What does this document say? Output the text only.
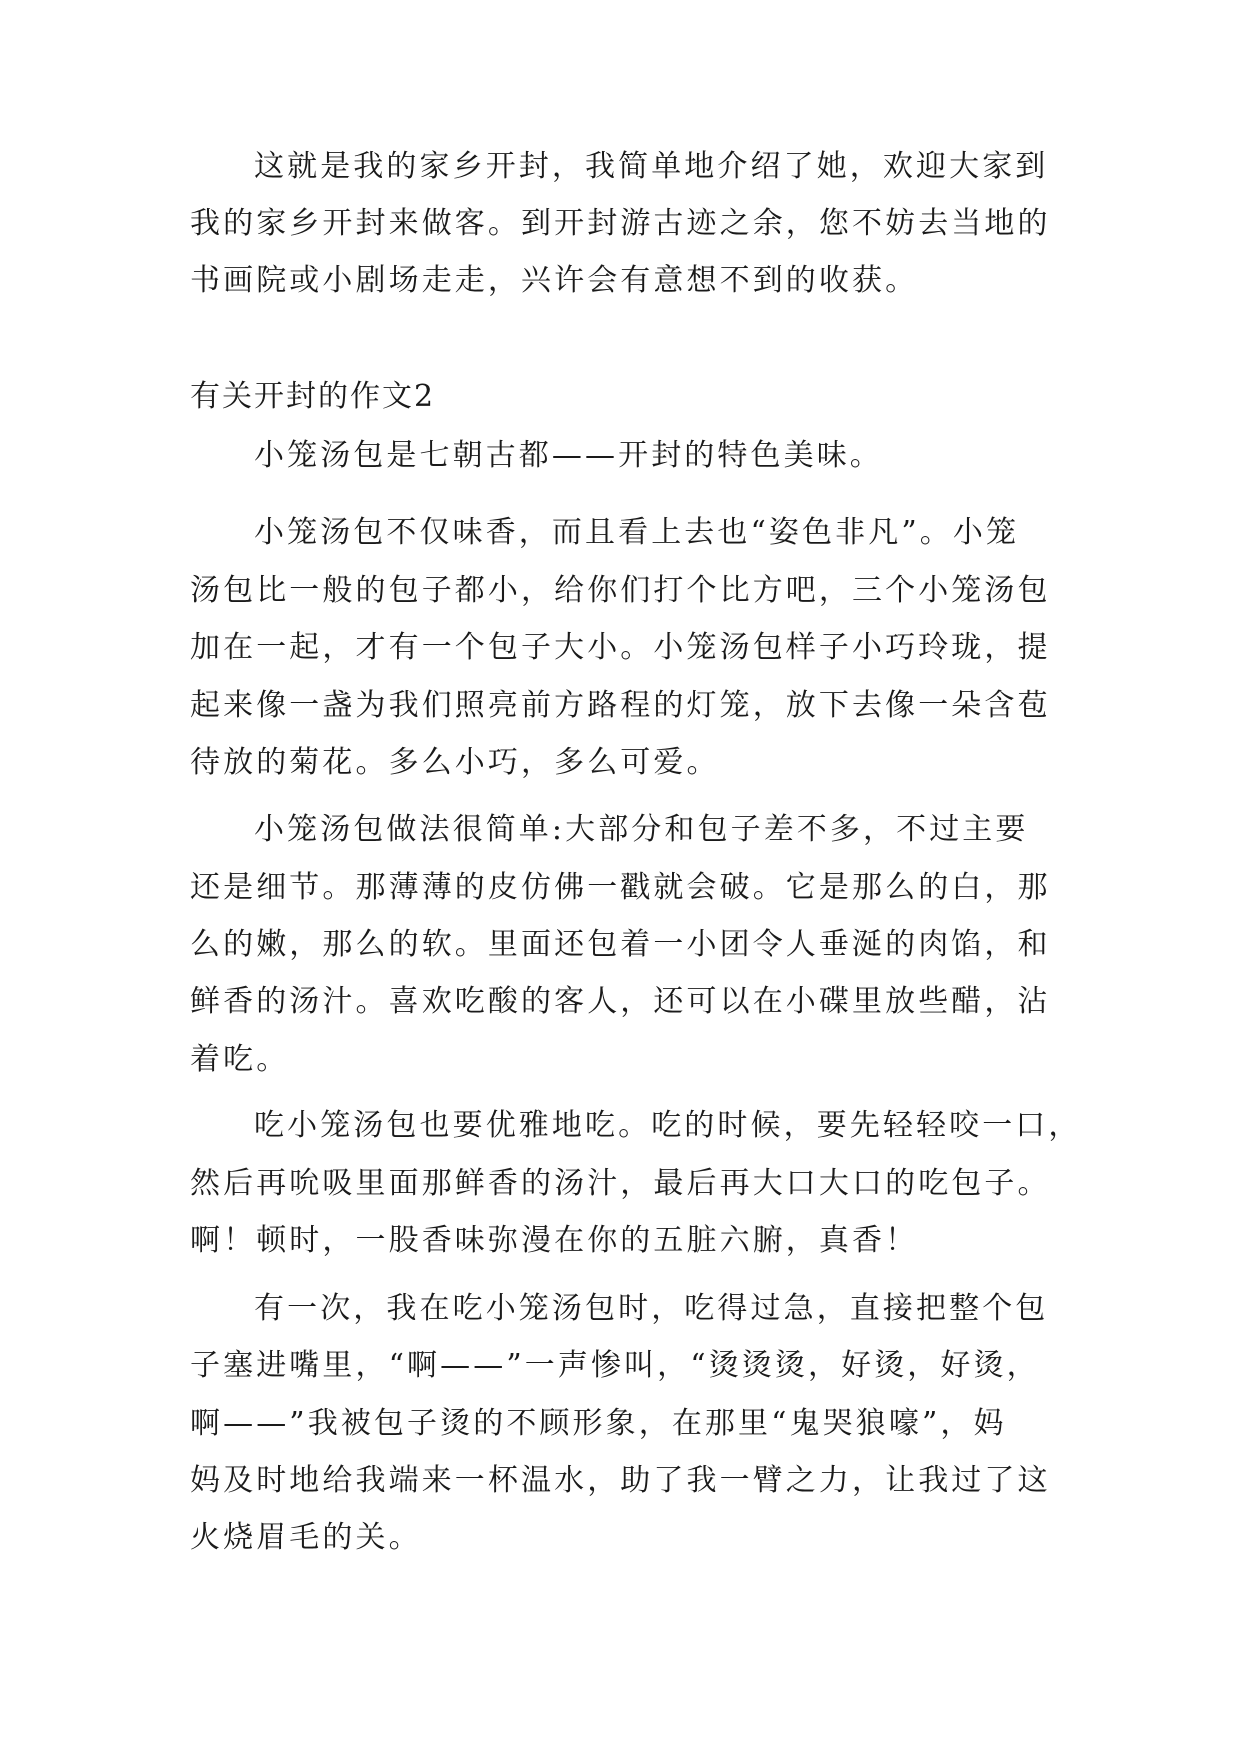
这就是我的家乡开封，我简单地介绍了她，欢迎大家到
我的家乡开封来做客。到开封游古迹之余，您不妨去当地的
书画院或小剧场走走，兴许会有意想不到的收获。
有关开封的作文2
小笼汤包是七朝古都——开封的特色美味。
小笼汤包不仅味香，而且看上去也“姿色非凡”。小笼
汤包比一般的包子都小，给你们打个比方吧，三个小笼汤包
加在一起，才有一个包子大小。小笼汤包样子小巧玲珑，提
起来像一盏为我们照亮前方路程的灯笼，放下去像一朵含苞
待放的菊花。多么小巧，多么可爱。
小笼汤包做法很简单:大部分和包子差不多，不过主要
还是细节。那薄薄的皮仿佛一戳就会破。它是那么的白，那
么的嫩，那么的软。里面还包着一小团令人垂涎的肉馅，和
鲜香的汤汁。喜欢吃酸的客人，还可以在小碟里放些醋，沾
着吃。
吃小笼汤包也要优雅地吃。吃的时候，要先轻轻咬一口，
然后再吮吸里面那鲜香的汤汁，最后再大口大口的吃包子。
啊！顿时，一股香味弥漫在你的五脏六腑，真香！
有一次，我在吃小笼汤包时，吃得过急，直接把整个包
子塞进嘴里，“啊——”一声惨叫，“烫烫烫，好烫，好烫，
啊——”我被包子烫的不顾形象，在那里“鬼哭狼嚎”，妈
妈及时地给我端来一杯温水，助了我一臂之力，让我过了这
火烧眉毛的关。
